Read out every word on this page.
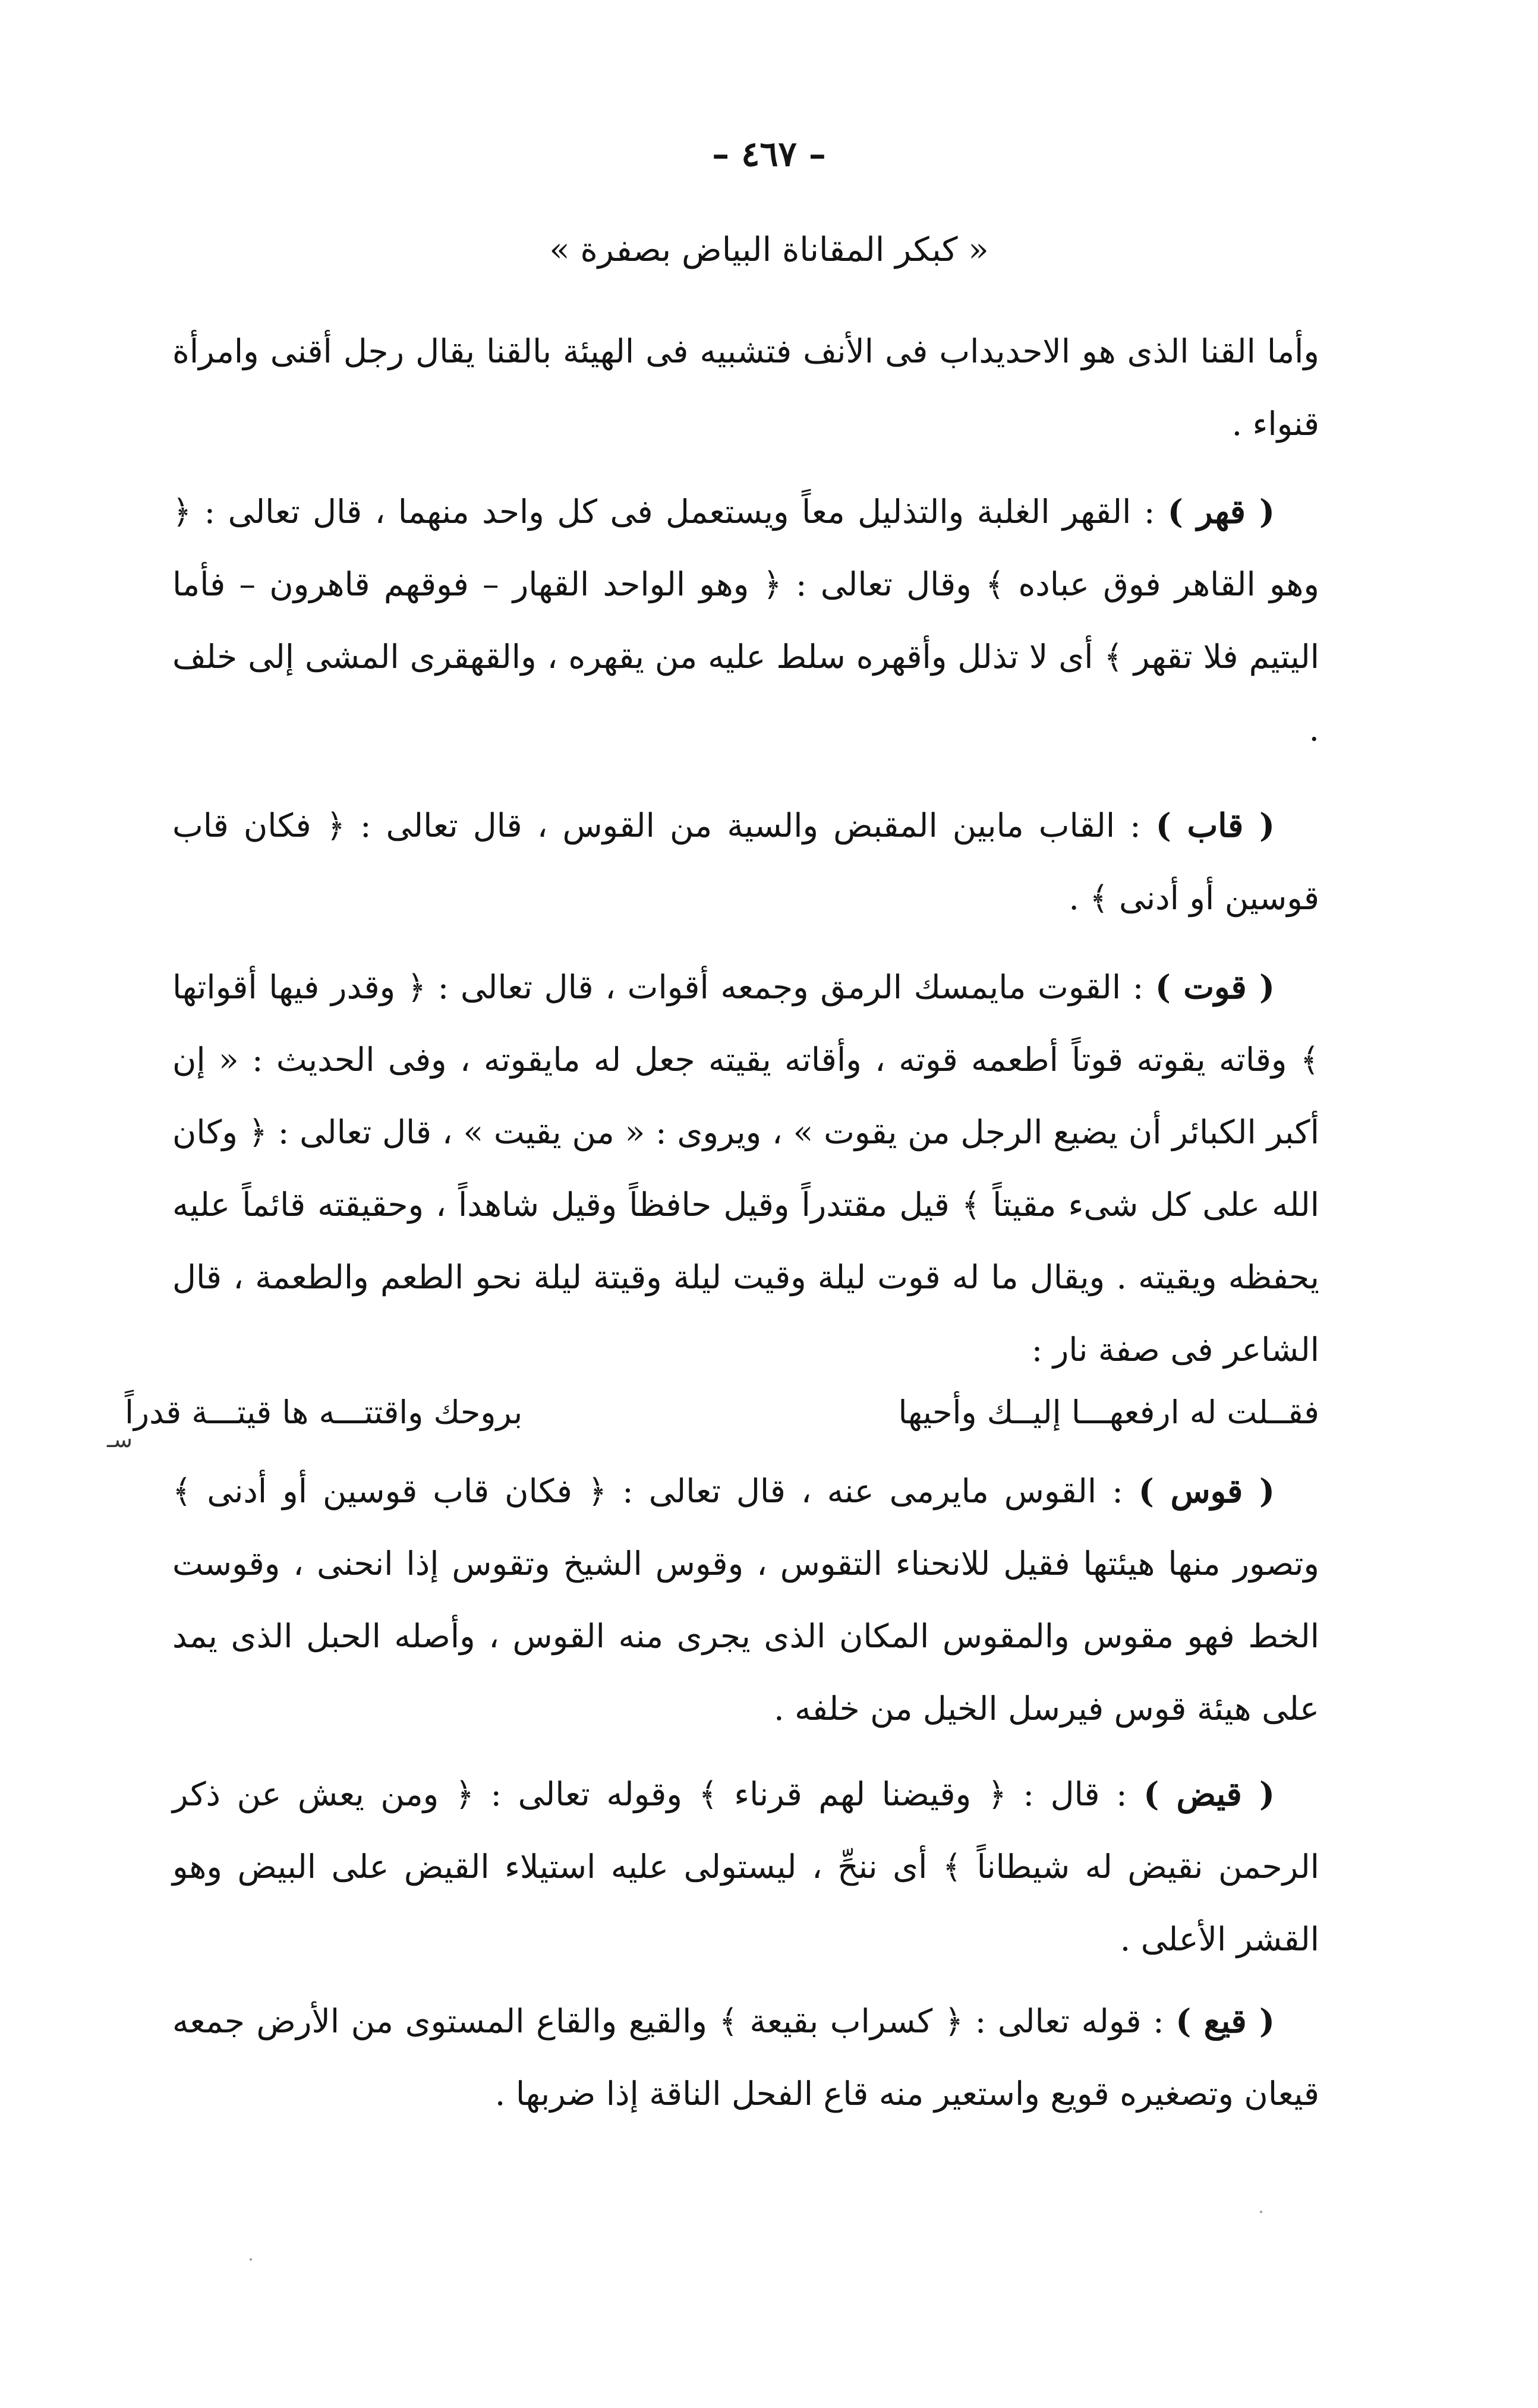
– ٤٦٧ –
« كبكر المقاناة البياض بصفرة »

وأما القنا الذى هو الاحديداب فى الأنف فتشبيه فى الهيئة بالقنا يقال رجل أقنى وامرأة قنواء .

( قهر ) : القهر الغلبة والتذليل معاً ويستعمل فى كل واحد منهما ، قال تعالى : ﴿ وهو القاهر فوق عباده ﴾ وقال تعالى : ﴿ وهو الواحد القهار – فوقهم قاهرون – فأما اليتيم فلا تقهر ﴾ أى لا تذلل وأقهره سلط عليه من يقهره ، والقهقرى المشى إلى خلف .

( قاب ) : القاب مابين المقبض والسية من القوس ، قال تعالى : ﴿ فكان قاب قوسين أو أدنى ﴾ .

( قوت ) : القوت مايمسك الرمق وجمعه أقوات ، قال تعالى : ﴿ وقدر فيها أقواتها ﴾ وقاته يقوته قوتاً أطعمه قوته ، وأقاته يقيته جعل له مايقوته ، وفى الحديث : « إن أكبر الكبائر أن يضيع الرجل من يقوت » ، ويروى : « من يقيت » ، قال تعالى : ﴿ وكان الله على كل شىء مقيتاً ﴾ قيل مقتدراً وقيل حافظاً وقيل شاهداً ، وحقيقته قائماً عليه يحفظه ويقيته . ويقال ما له قوت ليلة وقيت ليلة وقيتة ليلة نحو الطعم والطعمة ، قال الشاعر فى صفة نار :

فقــلت له ارفعهـــا إليــك وأحيها
بروحك واقتتـــه ها قيتـــة قدراً
سـ

( قوس ) : القوس مايرمى عنه ، قال تعالى : ﴿ فكان قاب قوسين أو أدنى ﴾ وتصور منها هيئتها فقيل للانحناء التقوس ، وقوس الشيخ وتقوس إذا انحنى ، وقوست الخط فهو مقوس والمقوس المكان الذى يجرى منه القوس ، وأصله الحبل الذى يمد على هيئة قوس فيرسل الخيل من خلفه .

( قيض ) : قال : ﴿ وقيضنا لهم قرناء ﴾ وقوله تعالى : ﴿ ومن يعش عن ذكر الرحمن نقيض له شيطاناً ﴾ أى ننحِّ ، ليستولى عليه استيلاء القيض على البيض وهو القشر الأعلى .

( قيع ) : قوله تعالى : ﴿ كسراب بقيعة ﴾ والقيع والقاع المستوى من الأرض جمعه قيعان وتصغيره قويع واستعير منه قاع الفحل الناقة إذا ضربها .
